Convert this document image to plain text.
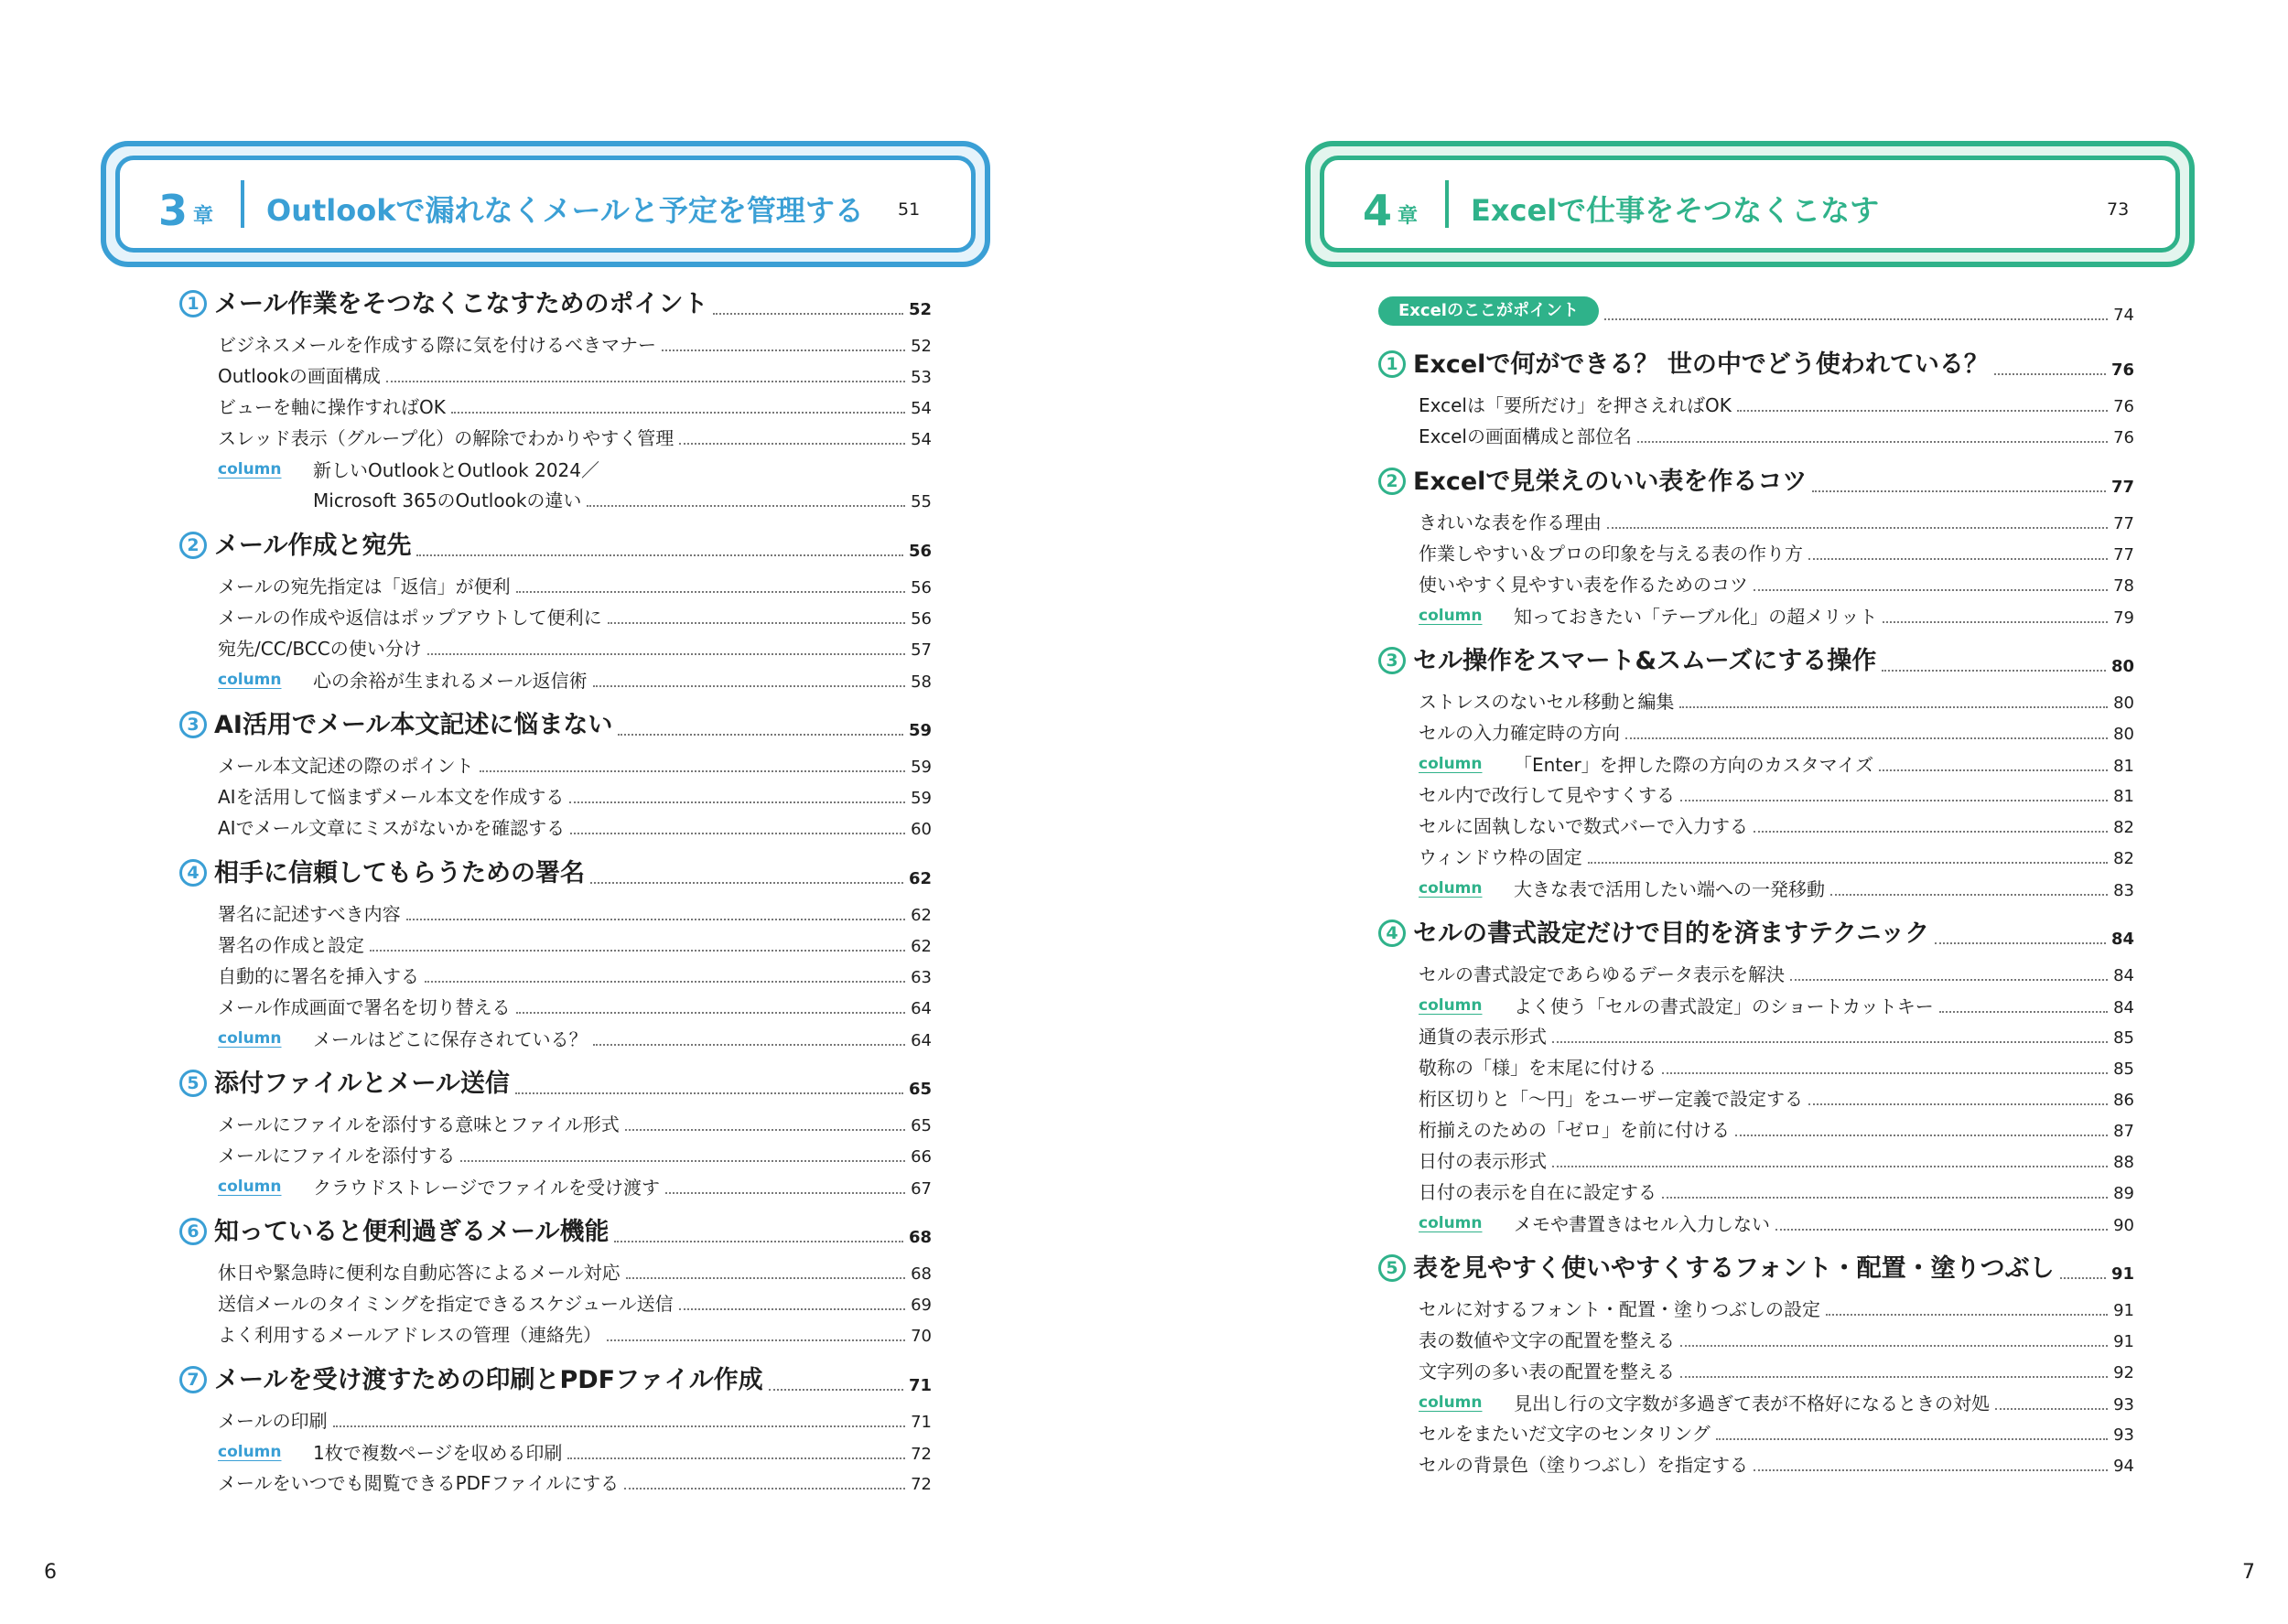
3 章 Outlookで漏れなくメールと予定を管理する 51
1 メール作業をそつなくこなすためのポイント	52
ビジネスメールを作成する際に気を付けるべきマナー	52
Outlookの画面構成	53
ビューを軸に操作すればOK	54
スレッド表示（グループ化）の解除でわかりやすく管理	54
column 新しいOutlookとOutlook 2024／
Microsoft 365のOutlookの違い	55
2 メール作成と宛先	56
メールの宛先指定は「返信」が便利	56
メールの作成や返信はポップアウトして便利に	56
宛先/CC/BCCの使い分け	57
column 心の余裕が生まれるメール返信術	58
3 AI活用でメール本文記述に悩まない	59
メール本文記述の際のポイント	59
AIを活用して悩まずメール本文を作成する	59
AIでメール文章にミスがないかを確認する	60
4 相手に信頼してもらうための署名	62
署名に記述すべき内容	62
署名の作成と設定	62
自動的に署名を挿入する	63
メール作成画面で署名を切り替える	64
column メールはどこに保存されている？	64
5 添付ファイルとメール送信	65
メールにファイルを添付する意味とファイル形式	65
メールにファイルを添付する	66
column クラウドストレージでファイルを受け渡す	67
6 知っていると便利過ぎるメール機能	68
休日や緊急時に便利な自動応答によるメール対応	68
送信メールのタイミングを指定できるスケジュール送信	69
よく利用するメールアドレスの管理（連絡先）	70
7 メールを受け渡すための印刷とPDFファイル作成	71
メールの印刷	71
column 1枚で複数ページを収める印刷	72
メールをいつでも閲覧できるPDFファイルにする	72
6
4 章 Excelで仕事をそつなくこなす	73
Excelのここがポイント	74
1 Excelで何ができる？ 世の中でどう使われている？	76
Excelは「要所だけ」を押さえればOK	76
Excelの画面構成と部位名	76
2 Excelで見栄えのいい表を作るコツ	77
きれいな表を作る理由	77
作業しやすい＆プロの印象を与える表の作り方	77
使いやすく見やすい表を作るためのコツ	78
column 知っておきたい「テーブル化」の超メリット	79
3 セル操作をスマート&スムーズにする操作	80
ストレスのないセル移動と編集	80
セルの入力確定時の方向	80
column 「Enter」を押した際の方向のカスタマイズ	81
セル内で改行して見やすくする	81
セルに固執しないで数式バーで入力する	82
ウィンドウ枠の固定	82
column 大きな表で活用したい端への一発移動	83
4 セルの書式設定だけで目的を済ますテクニック	84
セルの書式設定であらゆるデータ表示を解決	84
column よく使う「セルの書式設定」のショートカットキー	84
通貨の表示形式	85
敬称の「様」を末尾に付ける	85
桁区切りと「〜円」をユーザー定義で設定する	86
桁揃えのための「ゼロ」を前に付ける	87
日付の表示形式	88
日付の表示を自在に設定する	89
column メモや書置きはセル入力しない	90
5 表を見やすく使いやすくするフォント・配置・塗りつぶし	91
セルに対するフォント・配置・塗りつぶしの設定	91
表の数値や文字の配置を整える	91
文字列の多い表の配置を整える	92
column 見出し行の文字数が多過ぎて表が不格好になるときの対処	93
セルをまたいだ文字のセンタリング	93
セルの背景色（塗りつぶし）を指定する	94
7
